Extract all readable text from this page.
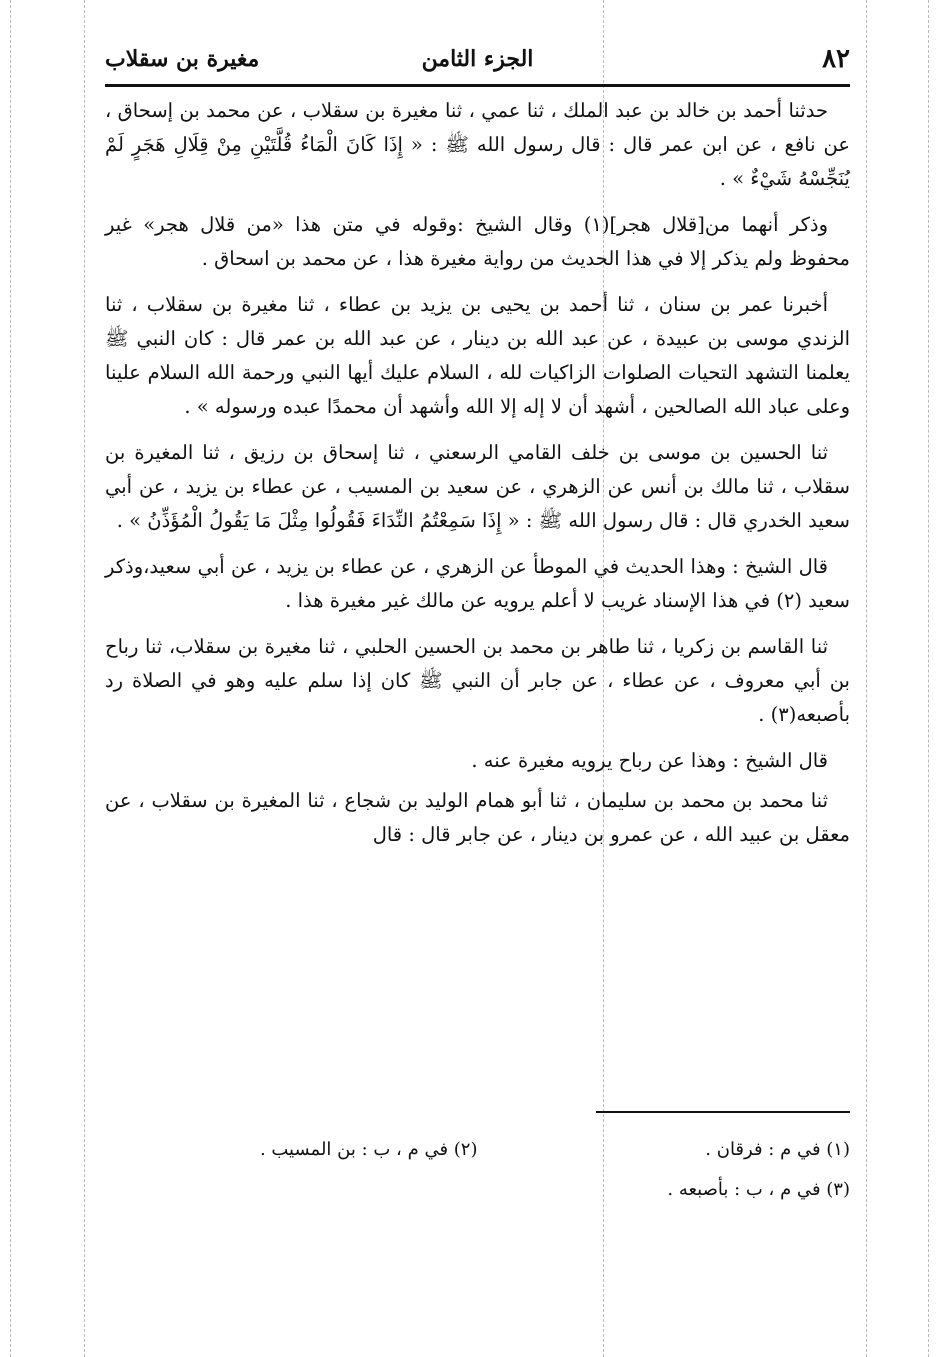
٨٢
الجزء الثامن
مغيرة بن سقلاب

حدثنا أحمد بن خالد بن عبد الملك ، ثنا عمي ، ثنا مغيرة بن سقلاب ، عن محمد بن إسحاق ، عن نافع ، عن ابن عمر قال : قال رسول الله ﷺ : « إِذَا كَانَ الْمَاءُ قُلَّتَيْنِ مِنْ قِلَالِ هَجَرٍ لَمْ يُنَجِّسْهُ شَيْءٌ » .

وذكر أنهما من[قلال هجر](١) وقال الشيخ :وقوله في متن هذا «من قلال هجر» غير محفوظ ولم يذكر إلا في هذا الحديث من رواية مغيرة هذا ، عن محمد بن اسحاق .

أخبرنا عمر بن سنان ، ثنا أحمد بن يحيى بن يزيد بن عطاء ، ثنا مغيرة بن سقلاب ، ثنا الزندي موسى بن عبيدة ، عن عبد الله بن دينار ، عن عبد الله بن عمر قال : كان النبي ﷺ يعلمنا التشهد التحيات الصلوات الزاكيات لله ، السلام عليك أيها النبي ورحمة الله السلام علينا وعلى عباد الله الصالحين ، أشهد أن لا إله إلا الله وأشهد أن محمدًا عبده ورسوله » .

ثنا الحسين بن موسى بن خلف القامي الرسعني ، ثنا إسحاق بن رزيق ، ثنا المغيرة بن سقلاب ، ثنا مالك بن أنس عن الزهري ، عن سعيد بن المسيب ، عن عطاء بن يزيد ، عن أبي سعيد الخدري قال : قال رسول الله ﷺ : « إِذَا سَمِعْتُمُ النِّدَاءَ فَقُولُوا مِثْلَ مَا يَقُولُ الْمُؤَذِّنُ » .

قال الشيخ : وهذا الحديث في الموطأ عن الزهري ، عن عطاء بن يزيد ، عن أبي سعيد،وذكر سعيد (٢) في هذا الإسناد غريب لا أعلم يرويه عن مالك غير مغيرة هذا .

ثنا القاسم بن زكريا ، ثنا طاهر بن محمد بن الحسين الحلبي ، ثنا مغيرة بن سقلاب، ثنا رباح بن أبي معروف ، عن عطاء ، عن جابر أن النبي ﷺ كان إذا سلم عليه وهو في الصلاة رد بأصبعه(٣) .

قال الشيخ : وهذا عن رباح يرويه مغيرة عنه .

ثنا محمد بن محمد بن سليمان ، ثنا أبو همام الوليد بن شجاع ، ثنا المغيرة بن سقلاب ، عن معقل بن عبيد الله ، عن عمرو بن دينار ، عن جابر قال : قال

(١) في م : فرقان .
(٢) في م ، ب : بن المسيب .
(٣) في م ، ب : بأصبعه .
